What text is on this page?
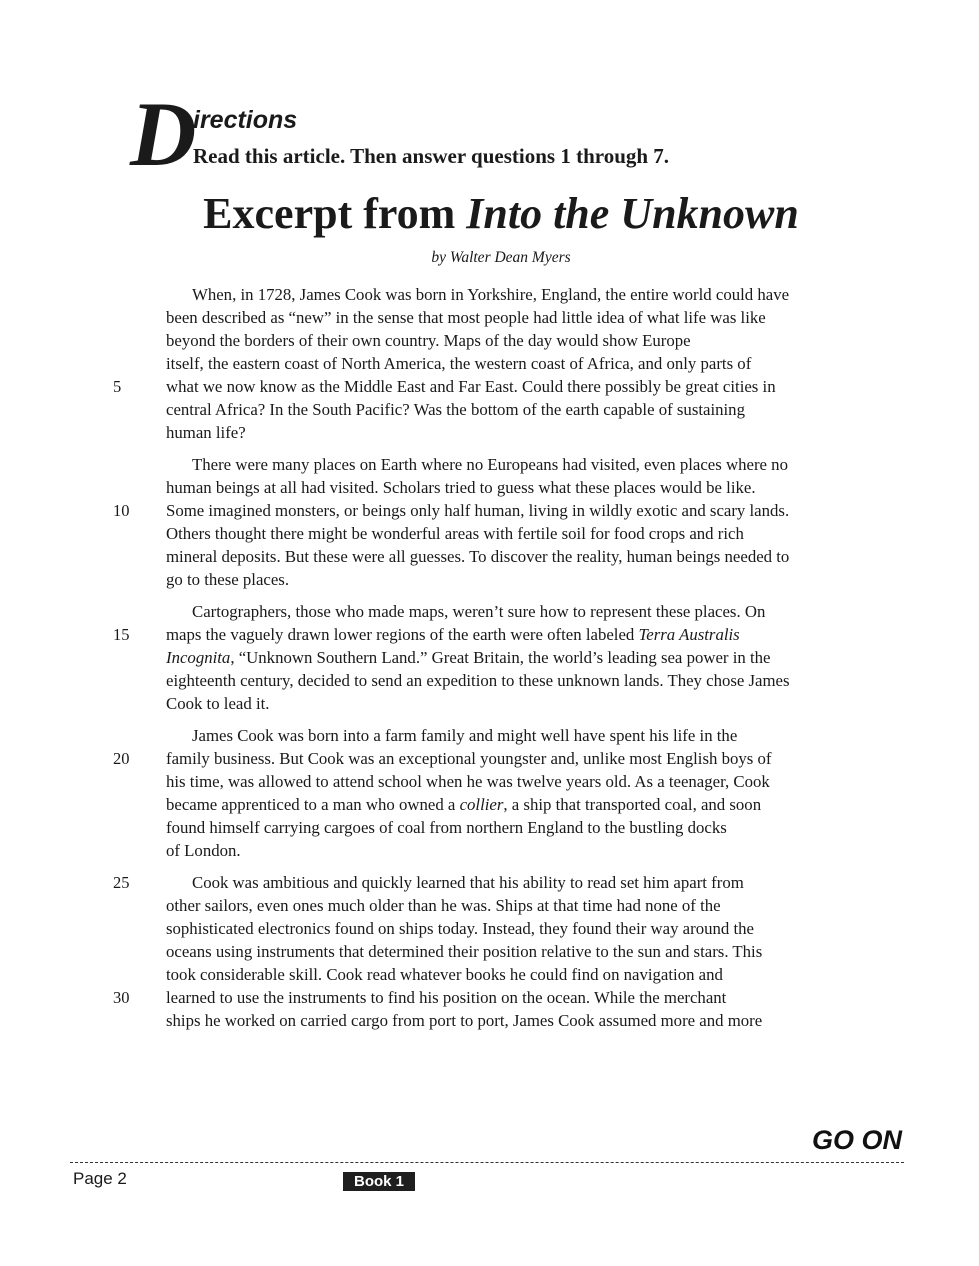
D
irections
Read this article. Then answer questions 1 through 7.
Excerpt from Into the Unknown
by Walter Dean Myers
When, in 1728, James Cook was born in Yorkshire, England, the entire world could have
been described as “new” in the sense that most people had little idea of what life was like
beyond the borders of their own country. Maps of the day would show Europe
itself, the eastern coast of North America, the western coast of Africa, and only parts of
5	what we now know as the Middle East and Far East. Could there possibly be great cities in
central Africa? In the South Pacific? Was the bottom of the earth capable of sustaining
human life?
There were many places on Earth where no Europeans had visited, even places where no
human beings at all had visited. Scholars tried to guess what these places would be like.
10	Some imagined monsters, or beings only half human, living in wildly exotic and scary lands.
Others thought there might be wonderful areas with fertile soil for food crops and rich
mineral deposits. But these were all guesses. To discover the reality, human beings needed to
go to these places.
Cartographers, those who made maps, weren’t sure how to represent these places. On
15	maps the vaguely drawn lower regions of the earth were often labeled Terra Australis
Incognita, “Unknown Southern Land.” Great Britain, the world’s leading sea power in the
eighteenth century, decided to send an expedition to these unknown lands. They chose James
Cook to lead it.
James Cook was born into a farm family and might well have spent his life in the
20	family business. But Cook was an exceptional youngster and, unlike most English boys of
his time, was allowed to attend school when he was twelve years old. As a teenager, Cook
became apprenticed to a man who owned a collier, a ship that transported coal, and soon
found himself carrying cargoes of coal from northern England to the bustling docks
of London.
25	Cook was ambitious and quickly learned that his ability to read set him apart from
other sailors, even ones much older than he was. Ships at that time had none of the
sophisticated electronics found on ships today. Instead, they found their way around the
oceans using instruments that determined their position relative to the sun and stars. This
took considerable skill. Cook read whatever books he could find on navigation and
30	learned to use the instruments to find his position on the ocean. While the merchant
ships he worked on carried cargo from port to port, James Cook assumed more and more
GO ON
Page 2	Book 1
